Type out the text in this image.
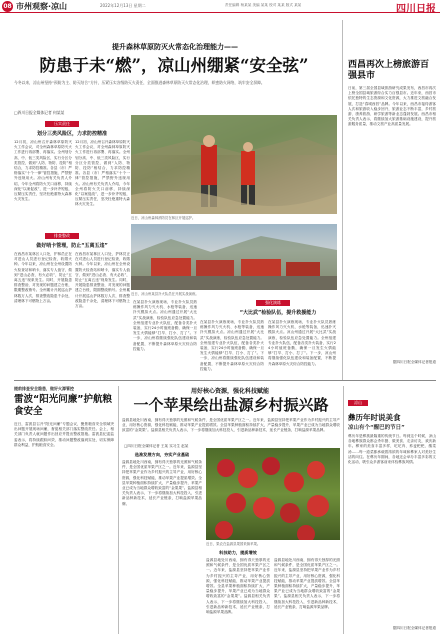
08 市州观察·凉山	2022年12月13日 星期二	责任编辑 杨某某 美编 某某 校对 某某 版式 某某	四川日报
提升森林草原防灭火常态化治理能力——
防患于未“燃”，凉山州绷紧“安全弦”
今冬以来，凉山州坚持“预防为主、防灭结合”方针，压紧压实各级防灭火责任，全面推进森林草原防灭火常态化治理，织密防火网络，筑牢安全屏障。
□四川日报全媒体记者 何某某
近日，凉山州森林消防员在林区开展巡护。
近日，凉山州某县扑火队员在开展实战演练。
压实责任
划分三类风险区，力求防控精准
12月初，凉山州召开森林草原防灭火工作会议，对全州森林草原防灭火工作进行再部署、再落实。全州划分高、中、低三类风险区，实行分区分类管控，做到“人防、物防、技防”相结合，力求防控精准。各县（市）严格落实“十个一律”管控措施，严禁野外违规用火。凉山州有关负责人介绍，今年全州将防火关口前移，持续深化“以案促改”，进一步补齐短板，压紧压实责任，坚决杜绝重特大森林火灾发生。
12月初，凉山州召开森林草原防灭火工作会议，对全州森林草原防灭火工作进行再部署、再落实。全州划分高、中、低三类风险区，实行分区分类管控，做到“人防、物防、技防”相结合，力求防控精准。各县（市）严格落实“十个一律”管控措施，严禁野外违规用火。凉山州有关负责人介绍，今年全州将防火关口前移，持续深化“以案促改”，进一步补齐短板，压紧压实责任，坚决杜绝重特大森林火灾发生。
排查整改
做好哨卡管理，防止“五离五违”
在西昌市某林区入口处，护林员正在对进山人员进行登记检查，收缴火种。今年以来，凉山州在全州设置防火检查站和哨卡，落实专人值守，做到“进山必查、有火必收”，防止“五离五违”现象发生。同时，开展隐患排查整治，对发现的问题建立台账，限期整改销号。全州累计开展巡山护林数万人次，排查整改隐患千余处，清理林下可燃物上万亩。
在西昌市某林区入口处，护林员正在对进山人员进行登记检查，收缴火种。今年以来，凉山州在全州设置防火检查站和哨卡，落实专人值守，做到“进山必查、有火必收”，防止“五离五违”现象发生。同时，开展隐患排查整治，对发现的问题建立台账，限期整改销号。全州累计开展巡山护林数万人次，排查整改隐患千余处，清理林下可燃物上万亩。
强化演练
“大比武”检验队伍，提升救援能力
在某县扑火演练现场，专业扑火队员熟练操作风力灭火机、水枪等装备，迅速扑灭模拟火点。凉山州通过开展“大比武”实战演练，检验队伍应急处置能力。全州组建专业扑火队伍，配备各类扑火装备，实行24小时值班备勤，确保一旦发生火情能够“打早、打小、打了”。下一步，凉山州将继续强化队伍建设和装备配置，不断提升森林草原火灾综合防控能力。
在某县扑火演练现场，专业扑火队员熟练操作风力灭火机、水枪等装备，迅速扑灭模拟火点。凉山州通过开展“大比武”实战演练，检验队伍应急处置能力。全州组建专业扑火队伍，配备各类扑火装备，实行24小时值班备勤，确保一旦发生火情能够“打早、打小、打了”。下一步，凉山州将继续强化队伍建设和装备配置，不断提升森林草原火灾综合防控能力。
在某县扑火演练现场，专业扑火队员熟练操作风力灭火机、水枪等装备，迅速扑灭模拟火点。凉山州通过开展“大比武”实战演练，检验队伍应急处置能力。全州组建专业扑火队伍，配备各类扑火装备，实行24小时值班备勤，确保一旦发生火情能够“打早、打小、打了”。下一步，凉山州将继续强化队伍建设和装备配置，不断提升森林草原火灾综合防控能力。
西昌再次上榜旅游百强县市
日前，第三届全国县域旅游研究成果发布，西昌市再次上榜全国县域旅游综合实力百强县市。近年来，西昌市依托独特的生态资源和文化资源，大力推进文旅融合发展，打造“春城西昌”品牌。今年以来，西昌市接待游客人次和旅游收入稳步回升，旅游业态不断丰富，乡村旅游、康养旅游、研学旅游等新业态蓬勃发展。西昌市相关负责人表示，将继续加大旅游基础设施建设，提升旅游服务质量，推动文旅产业高质量发展。
据四川日报全媒体记者报道
提前排查安全隐患，做好火源管控
雷波“阳光问廉”护航粮食安全
近日，雷波县召开“阳光问廉”专题会议，聚焦粮食安全领域突出问题开展现场问廉，督促相关部门落实整改责任。会上，相关部门负责人就问题作出回应并提出整改措施。雷波县纪委监委表示，将持续跟踪问效，推动问题整改落到实处，切实保障群众利益，护航粮食安全。
用好核心资源，强化科技赋能
一个苹果绘出盐源乡村振兴路
盐源县地处川西南，拥有得天独厚的光照和气候条件，是全国优质苹果产区之一。近年来，盐源县坚持把苹果产业作为乡村振兴的主导产业，用好核心资源，强化科技赋能，推动苹果产业提质增效。全县苹果种植面积持续扩大，产量稳步提升，苹果产业已成为当地群众增收致富的“金果果”。盐源县相关负责人表示，下一步将继续加大科技投入，引进新品种新技术，延长产业链条，打响盐源苹果品牌。
□四川日报全媒体记者 王某 实习生 赵某
选准发展方向，夯实产业基础
盐源县地处川西南，拥有得天独厚的光照和气候条件，是全国优质苹果产区之一。近年来，盐源县坚持把苹果产业作为乡村振兴的主导产业，用好核心资源，强化科技赋能，推动苹果产业提质增效。全县苹果种植面积持续扩大，产量稳步提升，苹果产业已成为当地群众增收致富的“金果果”。盐源县相关负责人表示，下一步将继续加大科技投入，引进新品种新技术，延长产业链条，打响盐源苹果品牌。
近日，果农在盐源县果园采摘苹果。
科技助力，提质增效
盐源县地处川西南，拥有得天独厚的光照和气候条件，是全国优质苹果产区之一。近年来，盐源县坚持把苹果产业作为乡村振兴的主导产业，用好核心资源，强化科技赋能，推动苹果产业提质增效。全县苹果种植面积持续扩大，产量稳步提升，苹果产业已成为当地群众增收致富的“金果果”。盐源县相关负责人表示，下一步将继续加大科技投入，引进新品种新技术，延长产业链条，打响盐源苹果品牌。
盐源县地处川西南，拥有得天独厚的光照和气候条件，是全国优质苹果产区之一。近年来，盐源县坚持把苹果产业作为乡村振兴的主导产业，用好核心资源，强化科技赋能，推动苹果产业提质增效。全县苹果种植面积持续扩大，产量稳步提升，苹果产业已成为当地群众增收致富的“金果果”。盐源县相关负责人表示，下一步将继续加大科技投入，引进新品种新技术，延长产业链条，打响盐源苹果品牌。
凉山
彝历年时说美食
凉山有个“醒巴的节日”
彝历年是彝族最隆重的传统节日。每到这个时候，凉山各地彝族群众都会杀年猪、做美食、走亲访友，欢庆新年。彝家的美食丰富多样，坨坨肉、荞麦粑粑、酸菜汤……每一道菜都承载着浓浓的年味和彝家人对美好生活的向往。在彝历年期间，各地还会举办丰富多彩的文化活动，吸引众多游客前来体验彝族风情。
据四川日报全媒体记者报道
